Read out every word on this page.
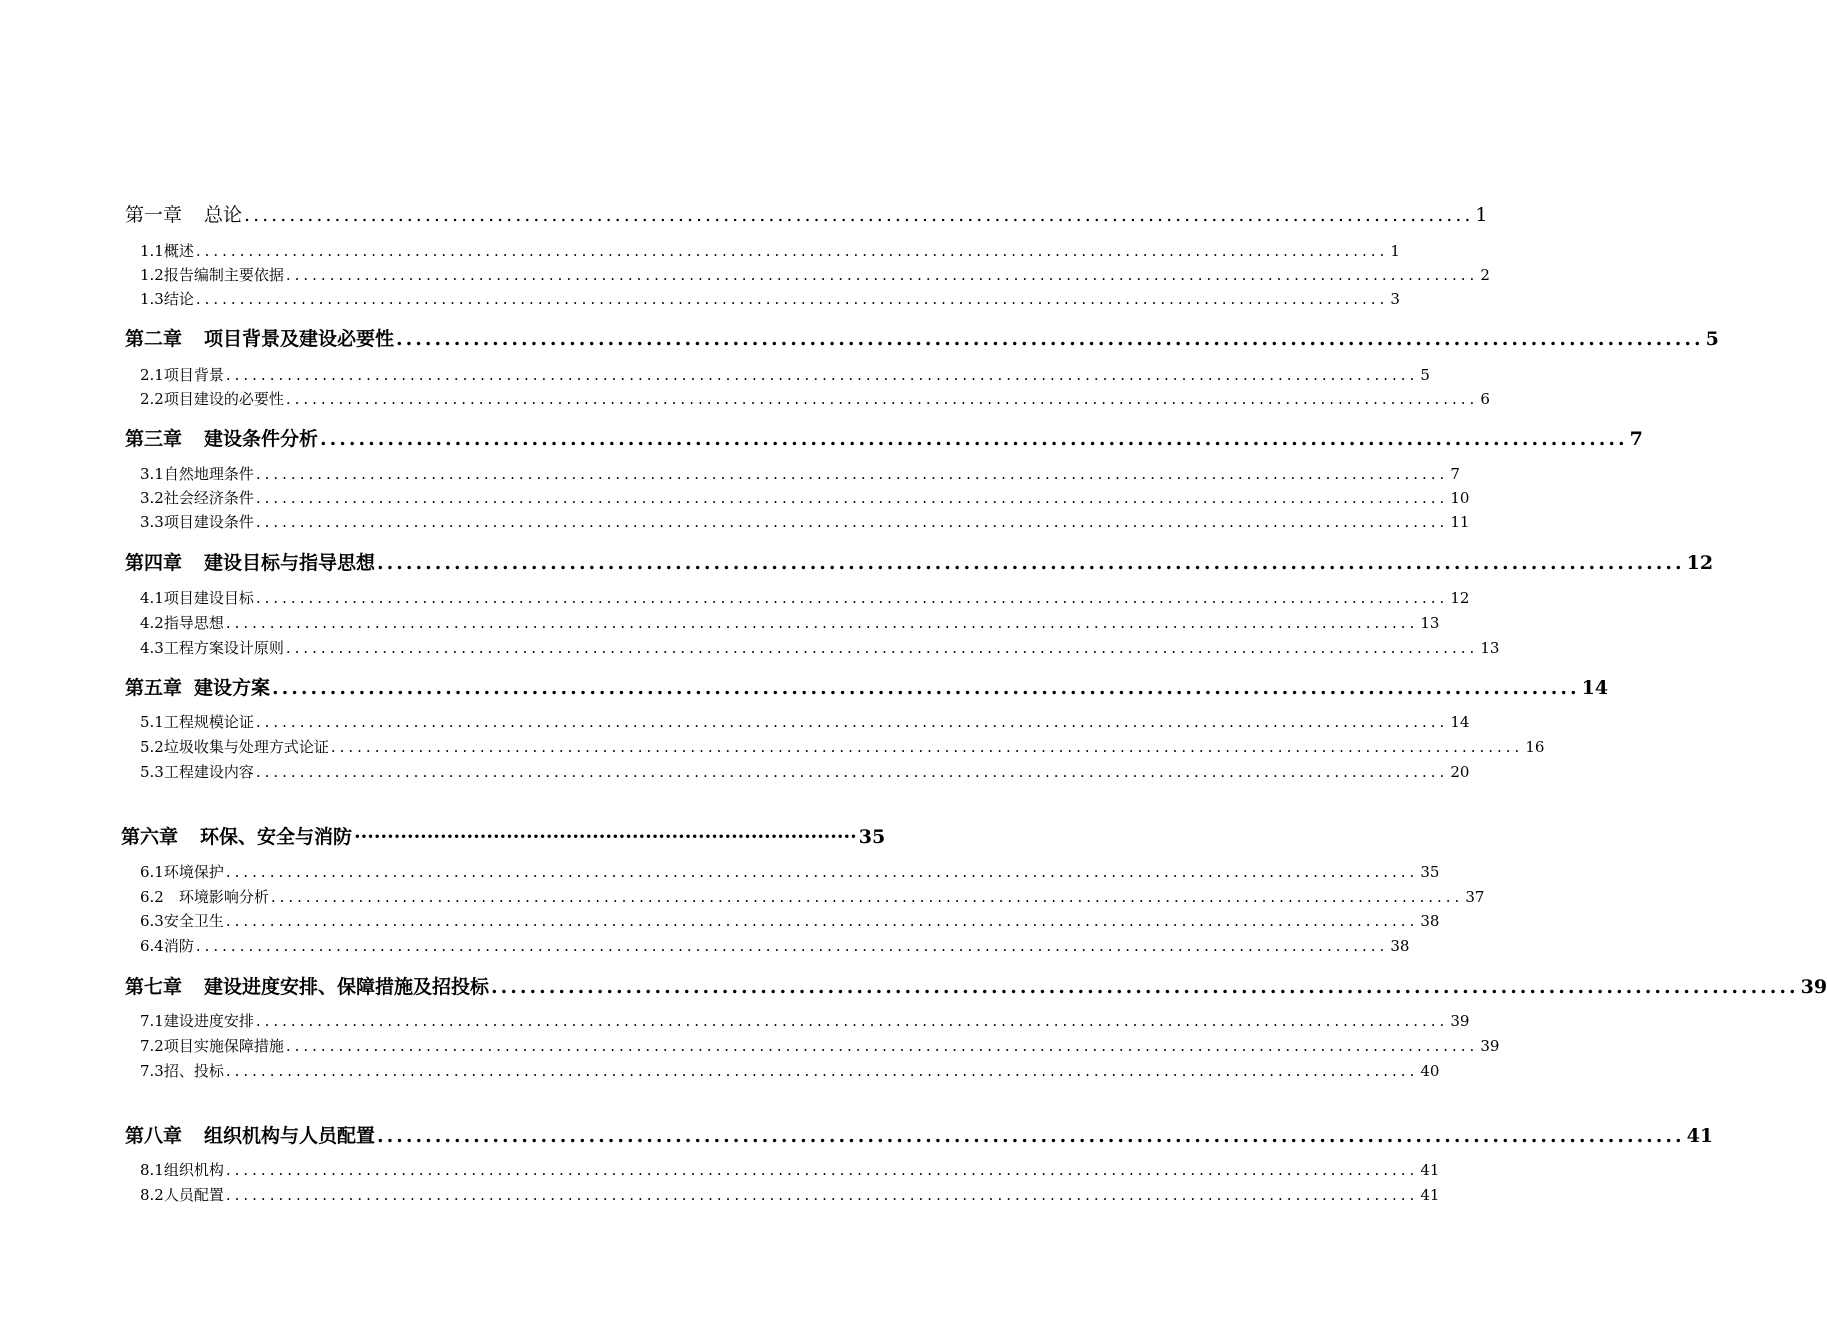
第一章 总论 ........................................................................................................................................ 1
1.1概述 ........................................................................................................................................ 1
1.2报告编制主要依据 ........................................................................................................................................ 2
1.3结论 ........................................................................................................................................ 3
第二章 项目背景及建设必要性 ........................................................................................................................................ 5
2.1项目背景 ........................................................................................................................................ 5
2.2项目建设的必要性 ........................................................................................................................................ 6
第三章 建设条件分析 ........................................................................................................................................ 7
3.1自然地理条件 ........................................................................................................................................ 7
3.2社会经济条件 ........................................................................................................................................ 10
3.3项目建设条件 ........................................................................................................................................ 11
第四章 建设目标与指导思想 ........................................................................................................................................ 12
4.1项目建设目标 ........................................................................................................................................ 12
4.2指导思想 ........................................................................................................................................ 13
4.3工程方案设计原则 ........................................................................................................................................ 13
第五章 建设方案 ........................................................................................................................................ 14
5.1工程规模论证 ........................................................................................................................................ 14
5.2垃圾收集与处理方式论证 ........................................................................................................................................ 16
5.3工程建设内容 ........................................................................................................................................ 20
第六章 环保、安全与消防 ············································································ 35
6.1环境保护 ........................................................................................................................................ 35
6.2　环境影响分析 ........................................................................................................................................ 37
6.3安全卫生 ........................................................................................................................................ 38
6.4消防 ........................................................................................................................................ 38
第七章 建设进度安排、保障措施及招投标 ........................................................................................................................................ 39
7.1建设进度安排 ........................................................................................................................................ 39
7.2项目实施保障措施 ........................................................................................................................................ 39
7.3招、投标 ........................................................................................................................................ 40
第八章 组织机构与人员配置 ........................................................................................................................................ 41
8.1组织机构 ........................................................................................................................................ 41
8.2人员配置 ........................................................................................................................................ 41
